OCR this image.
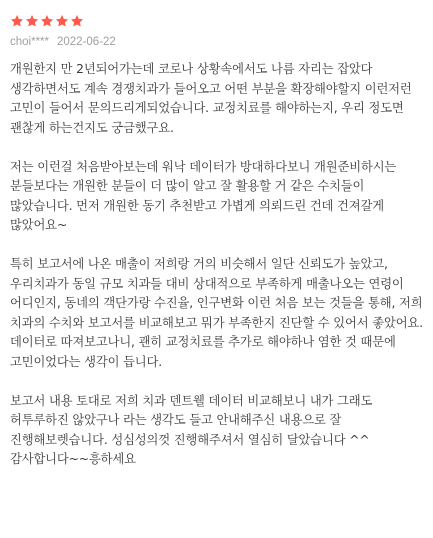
choi**** 2022-06-22

개원한지 만 2년되어가는데 코로나 상황속에서도 나름 자리는 잡았다 생각하면서도 계속 경쟁치과가 들어오고 어떤 부분을 확장해야할지 이런저런 고민이 들어서 문의드리게되었습니다. 교정치료를 해야하는지, 우리 정도면 괜찮게 하는건지도 궁금했구요.

저는 이런걸 처음받아보는데 워낙 데이터가 방대하다보니 개원준비하시는 분들보다는 개원한 분들이 더 많이 알고 잘 활용할 거 같은 수치들이 많았습니다. 먼저 개원한 동기 추천받고 가볍게 의뢰드린 건데 건져갈게 많았어요~

특히 보고서에 나온 매출이 저희랑 거의 비슷해서 일단 신뢰도가 높았고, 우리치과가 동일 규모 치과들 대비 상대적으로 부족하게 매출나오는 연령이 어디인지, 동네의 객단가랑 수진율, 인구변화 이런 처음 보는 것들을 통해, 저희 치과의 수치와 보고서를 비교해보고 뭐가 부족한지 진단할 수 있어서 좋았어요. 데이터로 따져보고나니, 괜히 교정치료를 추가로 해야하나 염한 것 때문에 고민이었다는 생각이 듭니다.

보고서 내용 토대로 저희 치과 덴트웰 데이터 비교해보니 내가 그래도 허투루하진 않았구나 라는 생각도 들고 안내해주신 내용으로 잘 진행해보렛습니다. 성심성의껏 진행해주셔서 열심히 달았습니다 ^^ 감사합니다~~흥하세요
